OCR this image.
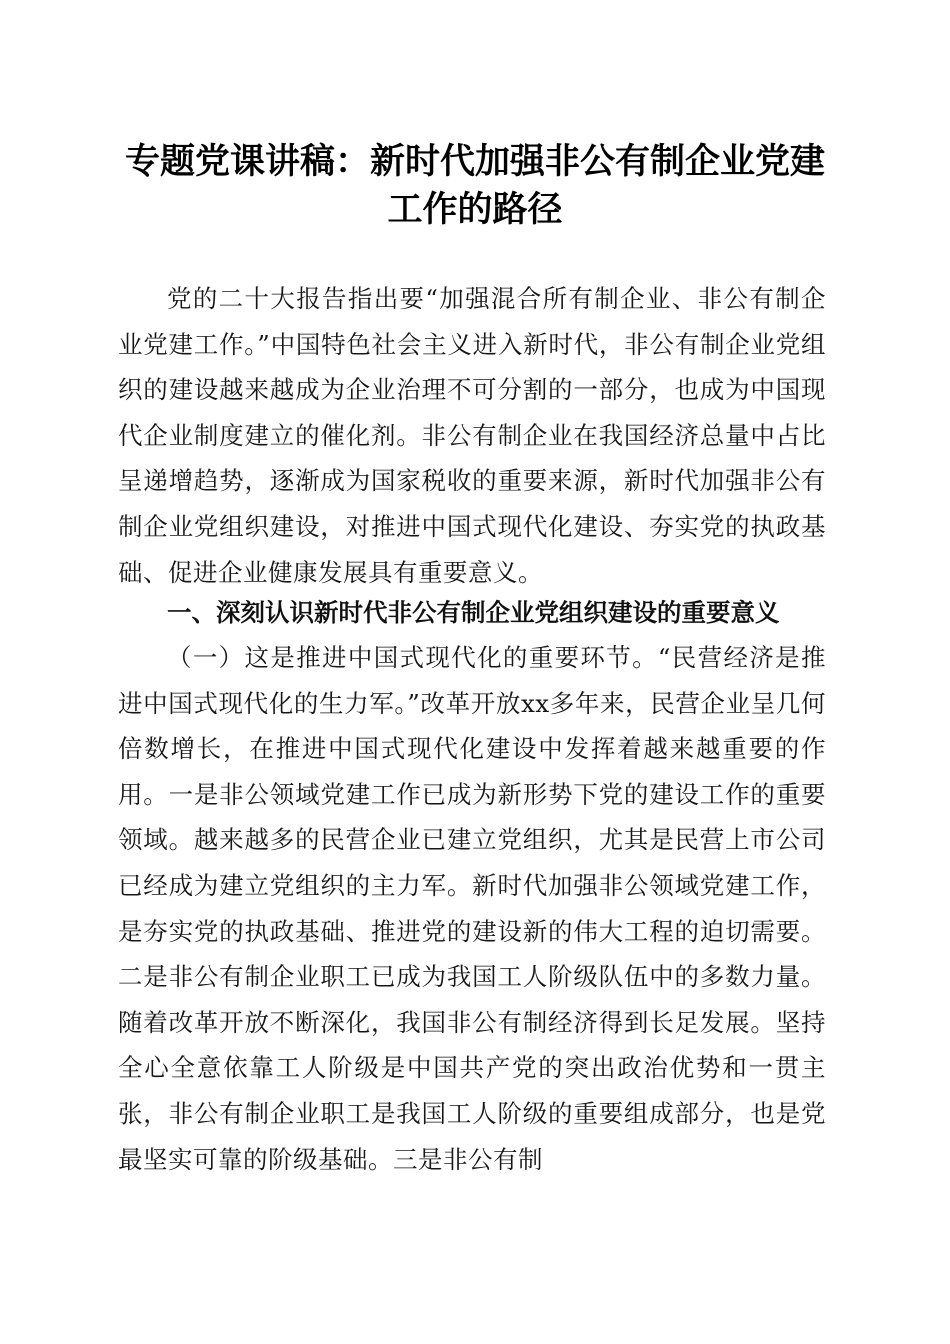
专题党课讲稿：新时代加强非公有制企业党建
工作的路径

党的二十大报告指出要“加强混合所有制企业、非公有制企业党建工作。”中国特色社会主义进入新时代，非公有制企业党组织的建设越来越成为企业治理不可分割的一部分，也成为中国现代企业制度建立的催化剂。非公有制企业在我国经济总量中占比呈递增趋势，逐渐成为国家税收的重要来源，新时代加强非公有制企业党组织建设，对推进中国式现代化建设、夯实党的执政基础、促进企业健康发展具有重要意义。

一、深刻认识新时代非公有制企业党组织建设的重要意义

（一）这是推进中国式现代化的重要环节。“民营经济是推进中国式现代化的生力军。”改革开放xx多年来，民营企业呈几何倍数增长，在推进中国式现代化建设中发挥着越来越重要的作用。一是非公领域党建工作已成为新形势下党的建设工作的重要领域。越来越多的民营企业已建立党组织，尤其是民营上市公司已经成为建立党组织的主力军。新时代加强非公领域党建工作，是夯实党的执政基础、推进党的建设新的伟大工程的迫切需要。二是非公有制企业职工已成为我国工人阶级队伍中的多数力量。随着改革开放不断深化，我国非公有制经济得到长足发展。坚持全心全意依靠工人阶级是中国共产党的突出政治优势和一贯主张，非公有制企业职工是我国工人阶级的重要组成部分，也是党最坚实可靠的阶级基础。三是非公有制
